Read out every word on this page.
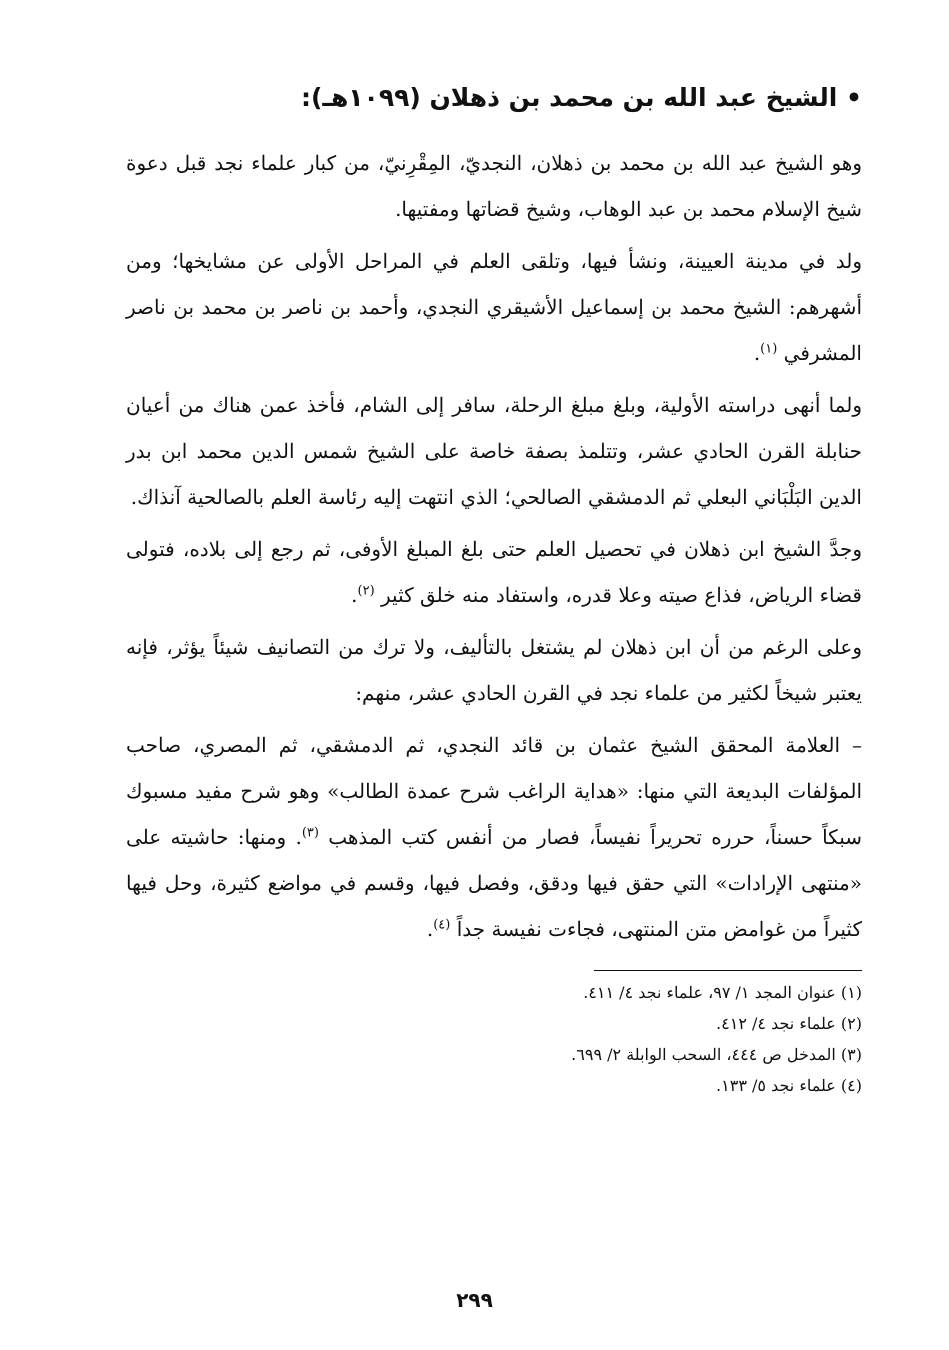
• الشيخ عبد الله بن محمد بن ذهلان (١٠٩٩هـ):

وهو الشيخ عبد الله بن محمد بن ذهلان، النجديّ، المِقْرِنيّ، من كبار علماء نجد قبل دعوة شيخ الإسلام محمد بن عبد الوهاب، وشيخ قضاتها ومفتيها.

ولد في مدينة العيينة، ونشأ فيها، وتلقى العلم في المراحل الأولى عن مشايخها؛ ومن أشهرهم: الشيخ محمد بن إسماعيل الأشيقري النجدي، وأحمد بن ناصر بن محمد بن ناصر المشرفي $^{(١)}$.

ولما أنهى دراسته الأولية، وبلغ مبلغ الرحلة، سافر إلى الشام، فأخذ عمن هناك من أعيان حنابلة القرن الحادي عشر، وتتلمذ بصفة خاصة على الشيخ شمس الدين محمد ابن بدر الدين البَلْبَاني البعلي ثم الدمشقي الصالحي؛ الذي انتهت إليه رئاسة العلم بالصالحية آنذاك.

وجدَّ الشيخ ابن ذهلان في تحصيل العلم حتى بلغ المبلغ الأوفى، ثم رجع إلى بلاده، فتولى قضاء الرياض، فذاع صيته وعلا قدره، واستفاد منه خلق كثير $^{(٢)}$.

وعلى الرغم من أن ابن ذهلان لم يشتغل بالتأليف، ولا ترك من التصانيف شيئاً يؤثر، فإنه يعتبر شيخاً لكثير من علماء نجد في القرن الحادي عشر، منهم:

– العلامة المحقق الشيخ عثمان بن قائد النجدي، ثم الدمشقي، ثم المصري، صاحب المؤلفات البديعة التي منها: «هداية الراغب شرح عمدة الطالب» وهو شرح مفيد مسبوك سبكاً حسناً، حرره تحريراً نفيساً، فصار من أنفس كتب المذهب $^{(٣)}$. ومنها: حاشيته على «منتهى الإرادات» التي حقق فيها ودقق، وفصل فيها، وقسم في مواضع كثيرة، وحل فيها كثيراً من غوامض متن المنتهى، فجاءت نفيسة جداً $^{(٤)}$.

(١) عنوان المجد ١/ ٩٧، علماء نجد ٤/ ٤١١.
(٢) علماء نجد ٤/ ٤١٢.
(٣) المدخل ص ٤٤٤، السحب الوابلة ٢/ ٦٩٩.
(٤) علماء نجد ٥/ ١٣٣.
٢٩٩
